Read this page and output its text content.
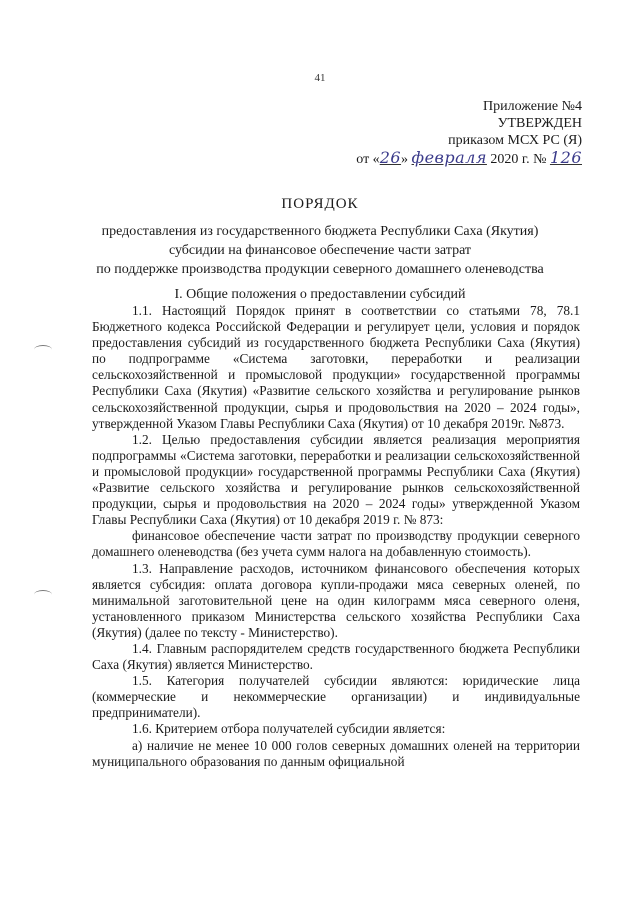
41
Приложение №4
УТВЕРЖДЕН
приказом МСХ РС (Я)
от «26» февраля 2020 г. № 126
ПОРЯДОК
предоставления из государственного бюджета Республики Саха (Якутия)
субсидии на финансовое обеспечение части затрат
по поддержке производства продукции северного домашнего оленеводства
I. Общие положения о предоставлении субсидий

1.1. Настоящий Порядок принят в соответствии со статьями 78, 78.1 Бюджетного кодекса Российской Федерации и регулирует цели, условия и порядок предоставления субсидий из государственного бюджета Республики Саха (Якутия) по подпрограмме «Система заготовки, переработки и реализации сельскохозяйственной и промысловой продукции» государственной программы Республики Саха (Якутия) «Развитие сельского хозяйства и регулирование рынков сельскохозяйственной продукции, сырья и продовольствия на 2020 – 2024 годы», утвержденной Указом Главы Республики Саха (Якутия) от 10 декабря 2019г. №873.

1.2. Целью предоставления субсидии является реализация мероприятия подпрограммы «Система заготовки, переработки и реализации сельскохозяйственной и промысловой продукции» государственной программы Республики Саха (Якутия) «Развитие сельского хозяйства и регулирование рынков сельскохозяйственной продукции, сырья и продовольствия на 2020 – 2024 годы» утвержденной Указом Главы Республики Саха (Якутия) от 10 декабря 2019 г. № 873:

финансовое обеспечение части затрат по производству продукции северного домашнего оленеводства (без учета сумм налога на добавленную стоимость).

1.3. Направление расходов, источником финансового обеспечения которых является субсидия: оплата договора купли-продажи мяса северных оленей, по минимальной заготовительной цене на один килограмм мяса северного оленя, установленного приказом Министерства сельского хозяйства Республики Саха (Якутия) (далее по тексту - Министерство).

1.4. Главным распорядителем средств государственного бюджета Республики Саха (Якутия) является Министерство.

1.5. Категория получателей субсидии являются: юридические лица (коммерческие и некоммерческие организации) и индивидуальные предприниматели).

1.6. Критерием отбора получателей субсидии является:

а) наличие не менее 10 000 голов северных домашних оленей на территории муниципального образования по данным официальной
